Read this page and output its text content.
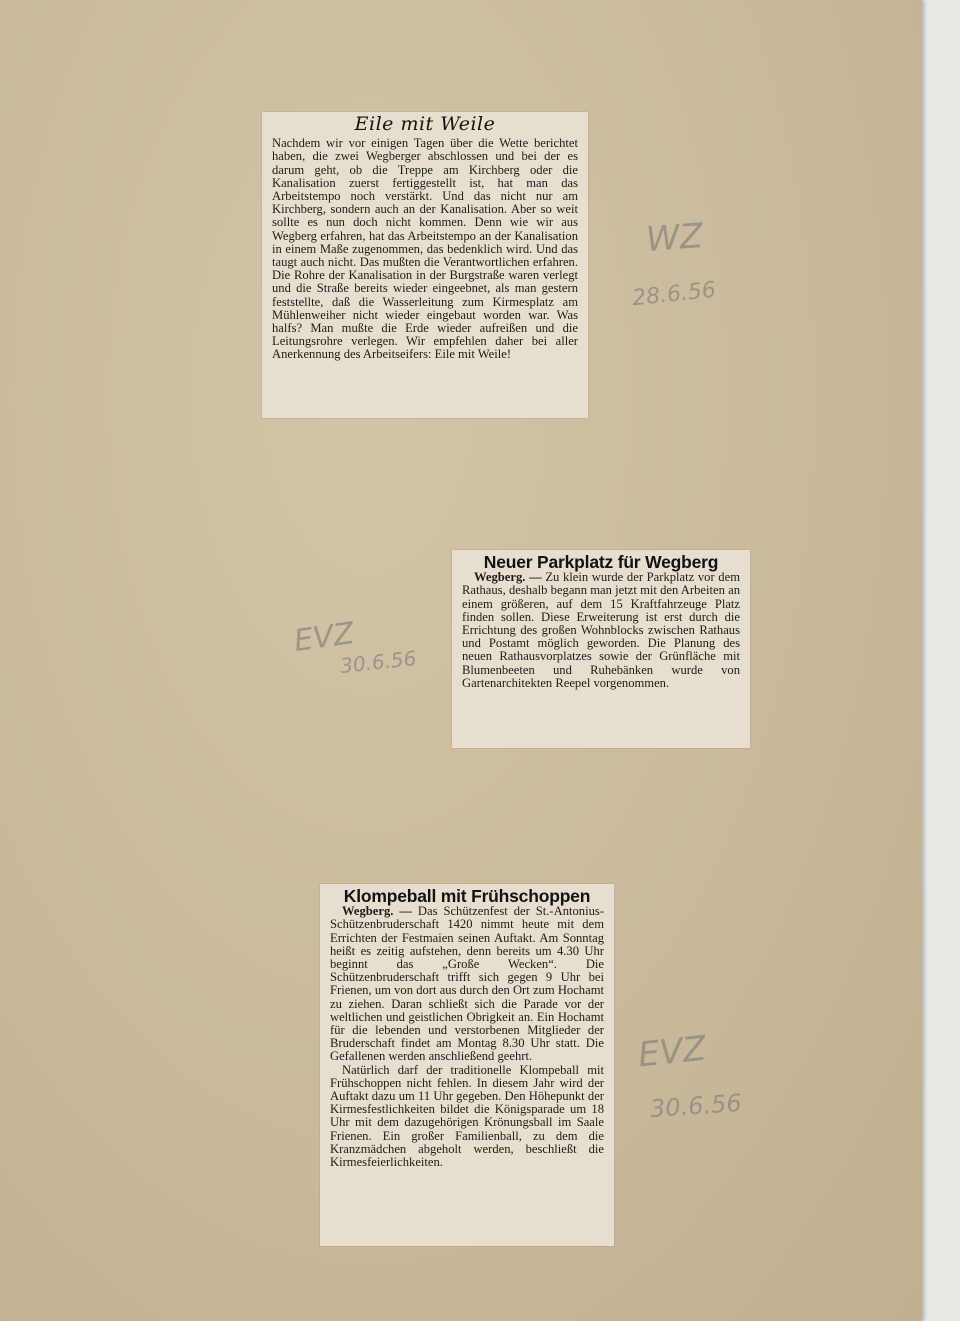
Eile mit Weile

Nachdem wir vor einigen Tagen über die Wette berichtet haben, die zwei Wegberger abschlossen und bei der es darum geht, ob die Treppe am Kirchberg oder die Kanalisation zuerst fertiggestellt ist, hat man das Arbeitstempo noch verstärkt. Und das nicht nur am Kirchberg, sondern auch an der Kanalisation. Aber so weit sollte es nun doch nicht kommen. Denn wie wir aus Wegberg erfahren, hat das Arbeitstempo an der Kanalisation in einem Maße zugenommen, das bedenklich wird. Und das taugt auch nicht. Das mußten die Verantwortlichen erfahren. Die Rohre der Kanalisation in der Burgstraße waren verlegt und die Straße bereits wieder eingeebnet, als man gestern feststellte, daß die Wasserleitung zum Kirmesplatz am Mühlenweiher nicht wieder eingebaut worden war. Was halfs? Man mußte die Erde wieder aufreißen und die Leitungsrohre verlegen. Wir empfehlen daher bei aller Anerkennung des Arbeitseifers: Eile mit Weile!

WZ
28.6.56
Neuer Parkplatz für Wegberg

Wegberg. — Zu klein wurde der Parkplatz vor dem Rathaus, deshalb begann man jetzt mit den Arbeiten an einem größeren, auf dem 15 Kraftfahrzeuge Platz finden sollen. Diese Erweiterung ist erst durch die Errichtung des großen Wohnblocks zwischen Rathaus und Postamt möglich geworden. Die Planung des neuen Rathausvorplatzes sowie der Grünfläche mit Blumenbeeten und Ruhebänken wurde von Gartenarchitekten Reepel vorgenommen.

EVZ
30.6.56
Klompeball mit Frühschoppen

Wegberg. — Das Schützenfest der St.-Antonius-Schützenbruderschaft 1420 nimmt heute mit dem Errichten der Festmaien seinen Auftakt. Am Sonntag heißt es zeitig aufstehen, denn bereits um 4.30 Uhr beginnt das „Große Wecken“. Die Schützenbruderschaft trifft sich gegen 9 Uhr bei Frienen, um von dort aus durch den Ort zum Hochamt zu ziehen. Daran schließt sich die Parade vor der weltlichen und geistlichen Obrigkeit an. Ein Hochamt für die lebenden und verstorbenen Mitglieder der Bruderschaft findet am Montag 8.30 Uhr statt. Die Gefallenen werden anschließend geehrt.

Natürlich darf der traditionelle Klompeball mit Frühschoppen nicht fehlen. In diesem Jahr wird der Auftakt dazu um 11 Uhr gegeben. Den Höhepunkt der Kirmesfestlichkeiten bildet die Königsparade um 18 Uhr mit dem dazugehörigen Krönungsball im Saale Frienen. Ein großer Familienball, zu dem die Kranzmädchen abgeholt werden, beschließt die Kirmesfeierlichkeiten.

EVZ
30.6.56
